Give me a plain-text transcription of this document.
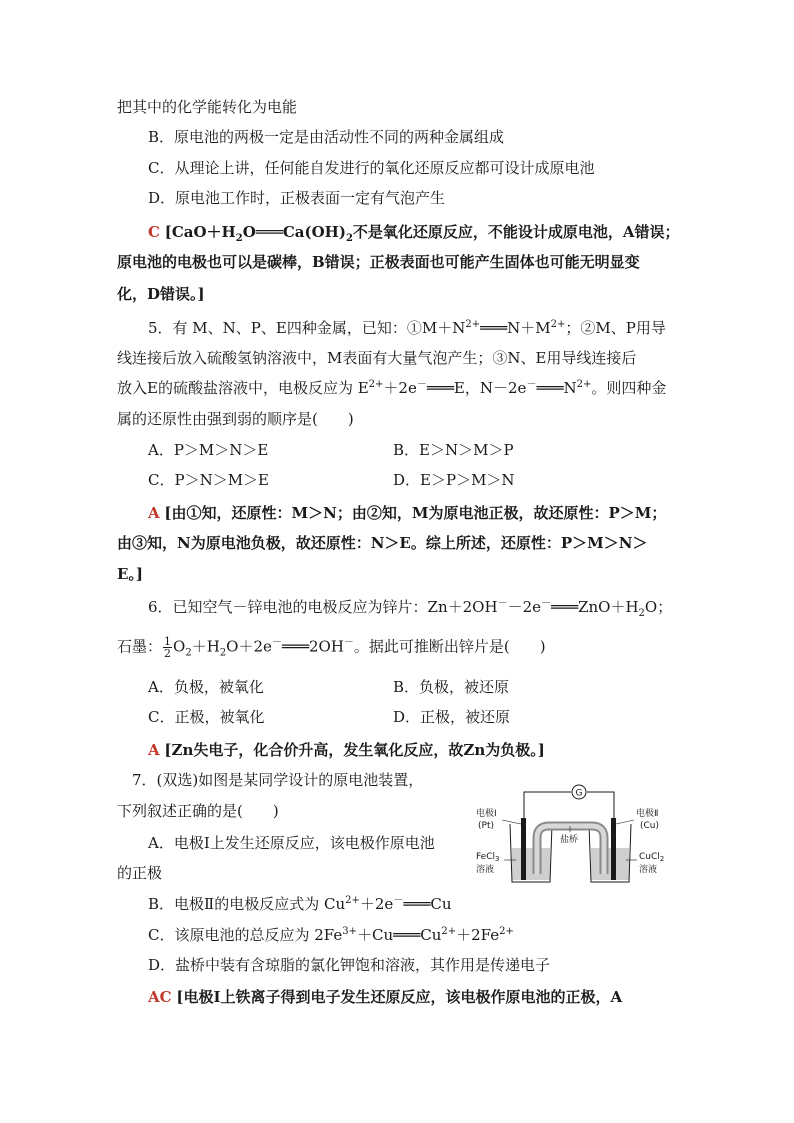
把其中的化学能转化为电能
B．原电池的两极一定是由活动性不同的两种金属组成
C．从理论上讲，任何能自发进行的氧化还原反应都可设计成原电池
D．原电池工作时，正极表面一定有气泡产生
C [$CaO+H_2O═══Ca(OH)_2$不是氧化还原反应，不能设计成原电池，A错误；
原电池的电极也可以是碳棒，B错误；正极表面也可能产生固体也可能无明显变
化，D错误。]
5．有 M、N、P、E四种金属，已知：$①M+N^{2+}═══N+M^{2+}$；②M、P用导
线连接后放入硫酸氢钠溶液中，M表面有大量气泡产生；③N、E用导线连接后
放入E的硫酸盐溶液中，电极反应为 $E^{2+}+2e^-═══E$，$N-2e^-═══N^{2+}$。则四种金
属的还原性由强到弱的顺序是(　　)
A．P＞M＞N＞E	B．E＞N＞M＞P
C．P＞N＞M＞E	D．E＞P＞M＞N
A [由①知，还原性：M＞N；由②知，M为原电池正极，故还原性：P＞M；
由③知，N为原电池负极，故还原性：N＞E。综上所述，还原性：P＞M＞N＞
E。]
6．已知空气－锌电池的电极反应为锌片：$Zn+2OH^--2e^-═══ZnO+H_2O$；
石墨： $\frac{1}{2}$ $O_2+H_2O+2e^-═══2OH^-$。据此可推断出锌片是(　　)
A．负极，被氧化	B．负极，被还原
C．正极，被氧化	D．正极，被还原
A [Zn失电子，化合价升高，发生氧化反应，故Zn为负极。]
7．(双选)如图是某同学设计的原电池装置，
下列叙述正确的是(　　)
A．电极Ⅰ上发生还原反应，该电极作原电池
的正极
B．电极Ⅱ的电极反应式为 $Cu^{2+}+2e^-═══Cu$
C．该原电池的总反应为 $2Fe^{3+}+Cu═══Cu^{2+}+2Fe^{2+}$
D．盐桥中装有含琼脂的氯化钾饱和溶液，其作用是传递电子
AC [电极Ⅰ上铁离子得到电子发生还原反应，该电极作原电池的正极，A
G
电极Ⅰ
(Pt)
电极Ⅱ
(Cu)
盐桥
FeCl$_3$
溶液
CuCl$_2$
溶液
